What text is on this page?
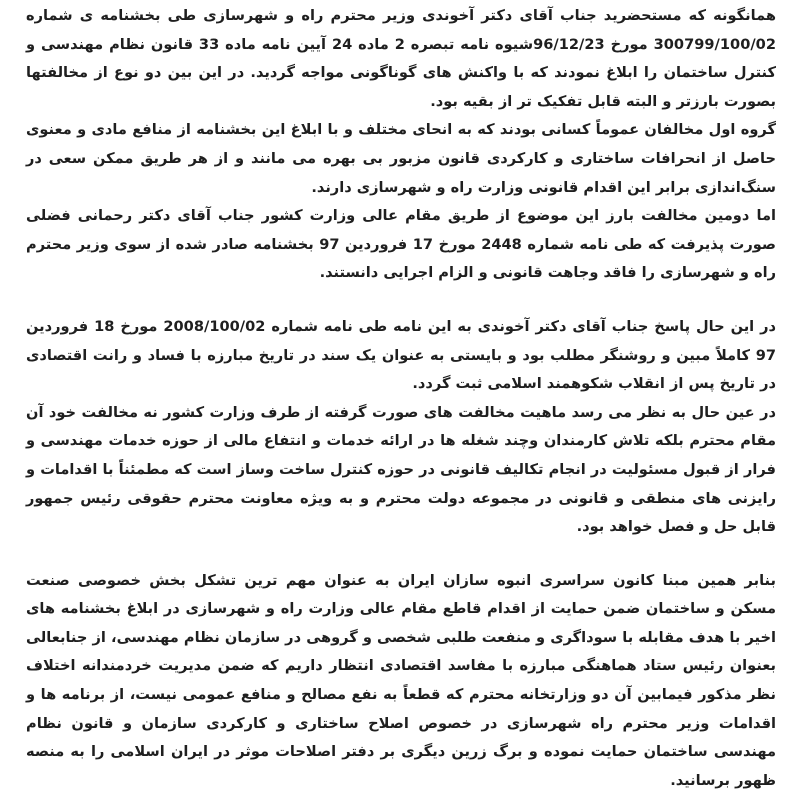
همانگونه که مستحضرید جناب آقای دکتر آخوندی وزیر محترم راه و شهرسازی طی بخشنامه ی شماره 300799/100/02 مورخ 96/12/23شیوه نامه تبصره 2 ماده 24 آیین نامه ماده 33 قانون نظام مهندسی و کنترل ساختمان را ابلاغ نمودند که با واکنش های گوناگونی مواجه گردید. در این بین دو نوع از مخالفتها بصورت بارزتر و البته قابل تفکیک تر از بقیه بود.

گروه اول مخالفان عموماً کسانی بودند که به انحای مختلف و با ابلاغ این بخشنامه از منافع مادی و معنوی حاصل از انحرافات ساختاری و کارکردی قانون مزبور بی بهره می مانند و از هر طریق ممکن سعی در سنگ‌اندازی برابر این اقدام قانونی وزارت راه و شهرسازی دارند.

اما دومین مخالفت بارز این موضوع از طریق مقام عالی وزارت کشور جناب آقای دکتر رحمانی فضلی صورت پذیرفت که طی نامه شماره 2448 مورخ 17 فروردین 97 بخشنامه صادر شده از سوی وزیر محترم راه و شهرسازی را فاقد وجاهت قانونی و الزام اجرایی دانستند.

در این حال پاسخ جناب آقای دکتر آخوندی به این نامه طی نامه شماره 2008/100/02 مورخ 18 فروردین 97 کاملاً مبین و روشنگر مطلب بود و بایستی به عنوان یک سند در تاریخ مبارزه با فساد و رانت اقتصادی در تاریخ پس از انقلاب شکوهمند اسلامی ثبت گردد.

در عین حال به نظر می رسد ماهیت مخالفت های صورت گرفته از طرف وزارت کشور نه مخالفت خود آن مقام محترم بلکه تلاش کارمندان وچند شغله ها در ارائه خدمات و انتفاع مالی از حوزه خدمات مهندسی و فرار از قبول مسئولیت در انجام تکالیف قانونی در حوزه کنترل ساخت وساز است که مطمئناً با اقدامات و رایزنی های منطقی و قانونی در مجموعه دولت محترم و به ویژه معاونت محترم حقوقی رئیس جمهور قابل حل و فصل خواهد بود.

بنابر همین مبنا کانون سراسری انبوه سازان ایران به عنوان مهم ترین تشکل بخش خصوصی صنعت مسکن و ساختمان ضمن حمایت از اقدام قاطع مقام عالی وزارت راه و شهرسازی در ابلاغ بخشنامه های اخیر با هدف مقابله با سوداگری و منفعت طلبی شخصی و گروهی در سازمان نظام مهندسی، از جنابعالی بعنوان رئیس ستاد هماهنگی مبارزه با مفاسد اقتصادی انتظار داریم که ضمن مدیریت خردمندانه اختلاف نظر مذکور فیمابین آن دو وزارتخانه محترم که قطعاً به نفع مصالح و منافع عمومی نیست، از برنامه ها و اقدامات وزیر محترم راه شهرسازی در خصوص اصلاح ساختاری و کارکردی سازمان و قانون نظام مهندسی ساختمان حمایت نموده و برگ زرین دیگری بر دفتر اصلاحات موثر در ایران اسلامی را به منصه ظهور برسانید.
